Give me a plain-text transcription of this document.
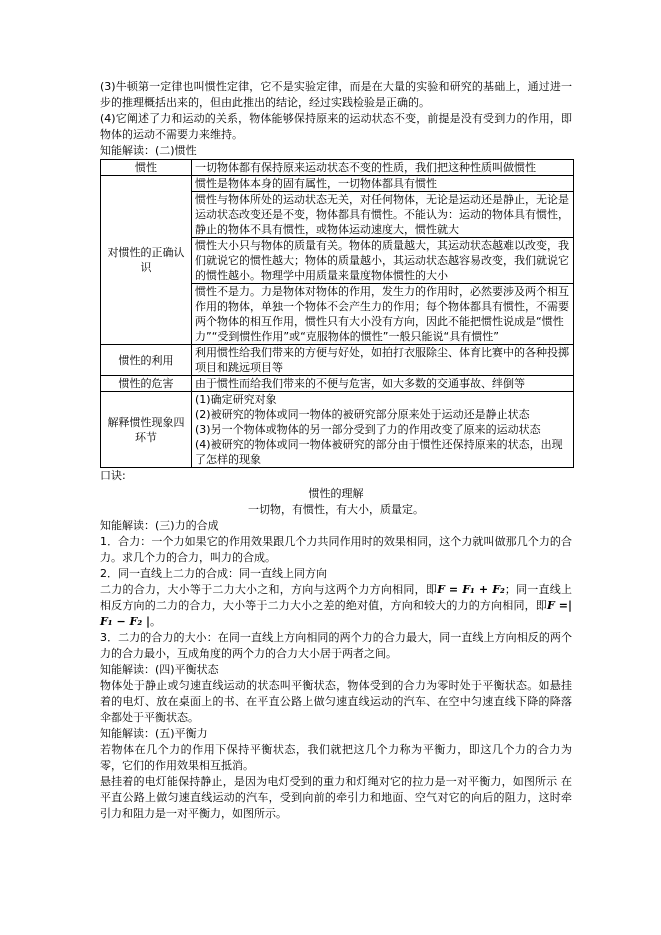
(3)牛顿第一定律也叫惯性定律，它不是实验定律，而是在大量的实验和研究的基础上，通过进一步的推理概括出来的，但由此推出的结论，经过实践检验是正确的。

(4)它阐述了力和运动的关系，物体能够保持原来的运动状态不变，前提是没有受到力的作用，即物体的运动不需要力来维持。

知能解读：(二)惯性

惯性	一切物体都有保持原来运动状态不变的性质，我们把这种性质叫做惯性
对惯性的正确认识	惯性是物体本身的固有属性，一切物体都具有惯性
	惯性与物体所处的运动状态无关，对任何物体，无论是运动还是静止，无论是运动状态改变还是不变，物体都具有惯性。不能认为：运动的物体具有惯性，静止的物体不具有惯性，或物体运动速度大，惯性就大
	惯性大小只与物体的质量有关。物体的质量越大，其运动状态越难以改变，我们就说它的惯性越大；物体的质量越小，其运动状态越容易改变，我们就说它的惯性越小。物理学中用质量来量度物体惯性的大小
	惯性不是力。力是物体对物体的作用，发生力的作用时，必然要涉及两个相互作用的物体，单独一个物体不会产生力的作用；每个物体都具有惯性，不需要两个物体的相互作用，惯性只有大小没有方向，因此不能把惯性说成是“惯性力”“受到惯性作用”或“克服物体的惯性”一般只能说“具有惯性”
惯性的利用	利用惯性给我们带来的方便与好处，如拍打衣服除尘、体育比赛中的各种投掷项目和跳远项目等
惯性的危害	由于惯性而给我们带来的不便与危害，如大多数的交通事故、绊倒等
解释惯性现象四环节	(1)确定研究对象
(2)被研究的物体或同一物体的被研究部分原来处于运动还是静止状态
(3)另一个物体或物体的另一部分受到了力的作用改变了原来的运动状态
(4)被研究的物体或同一物体被研究的部分由于惯性还保持原来的状态，出现了怎样的现象

口诀:

惯性的理解

一切物，有惯性，有大小，质量定。

知能解读：(三)力的合成

1．合力：一个力如果它的作用效果跟几个力共同作用时的效果相同，这个力就叫做那几个力的合力。求几个力的合力，叫力的合成。

2．同一直线上二力的合成：同一直线上同方向

二力的合力，大小等于二力大小之和，方向与这两个力方向相同，即F = F₁ + F₂；同一直线上相反方向的二力的合力，大小等于二力大小之差的绝对值，方向和较大的力的方向相同，即F =| F₁ − F₂ |。

3．二力的合力的大小：在同一直线上方向相同的两个力的合力最大，同一直线上方向相反的两个力的合力最小，互成角度的两个力的合力大小居于两者之间。

知能解读：(四)平衡状态

物体处于静止或匀速直线运动的状态叫平衡状态，物体受到的合力为零时处于平衡状态。如悬挂着的电灯、放在桌面上的书、在平直公路上做匀速直线运动的汽车、在空中匀速直线下降的降落伞都处于平衡状态。

知能解读：(五)平衡力

若物体在几个力的作用下保持平衡状态，我们就把这几个力称为平衡力，即这几个力的合力为零，它们的作用效果相互抵消。

悬挂着的电灯能保持静止，是因为电灯受到的重力和灯绳对它的拉力是一对平衡力，如图所示 在平直公路上做匀速直线运动的汽车，受到向前的牵引力和地面、空气对它的向后的阻力，这时牵引力和阻力是一对平衡力，如图所示。
